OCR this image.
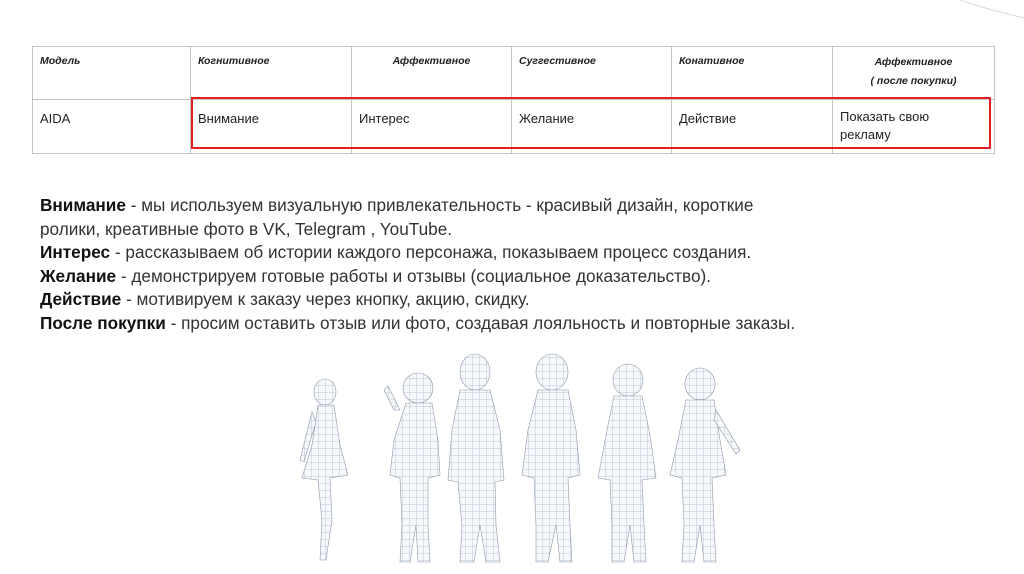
Модель	Когнитивное	Аффективное	Суггестивное	Конативное	Аффективное
( после покупки)
AIDA	Внимание	Интерес	Желание	Действие	Показать свою
рекламу

Внимание - мы используем визуальную привлекательность - красивый дизайн, короткие

ролики, креативные фото в VK, Telegram , YouTube.

Интерес - рассказываем об истории каждого персонажа, показываем процесс создания.

Желание - демонстрируем готовые работы и отзывы (социальное доказательство).

Действие - мотивируем к заказу через кнопку, акцию, скидку.

После покупки - просим оставить отзыв или фото, создавая лояльность и повторные заказы.
